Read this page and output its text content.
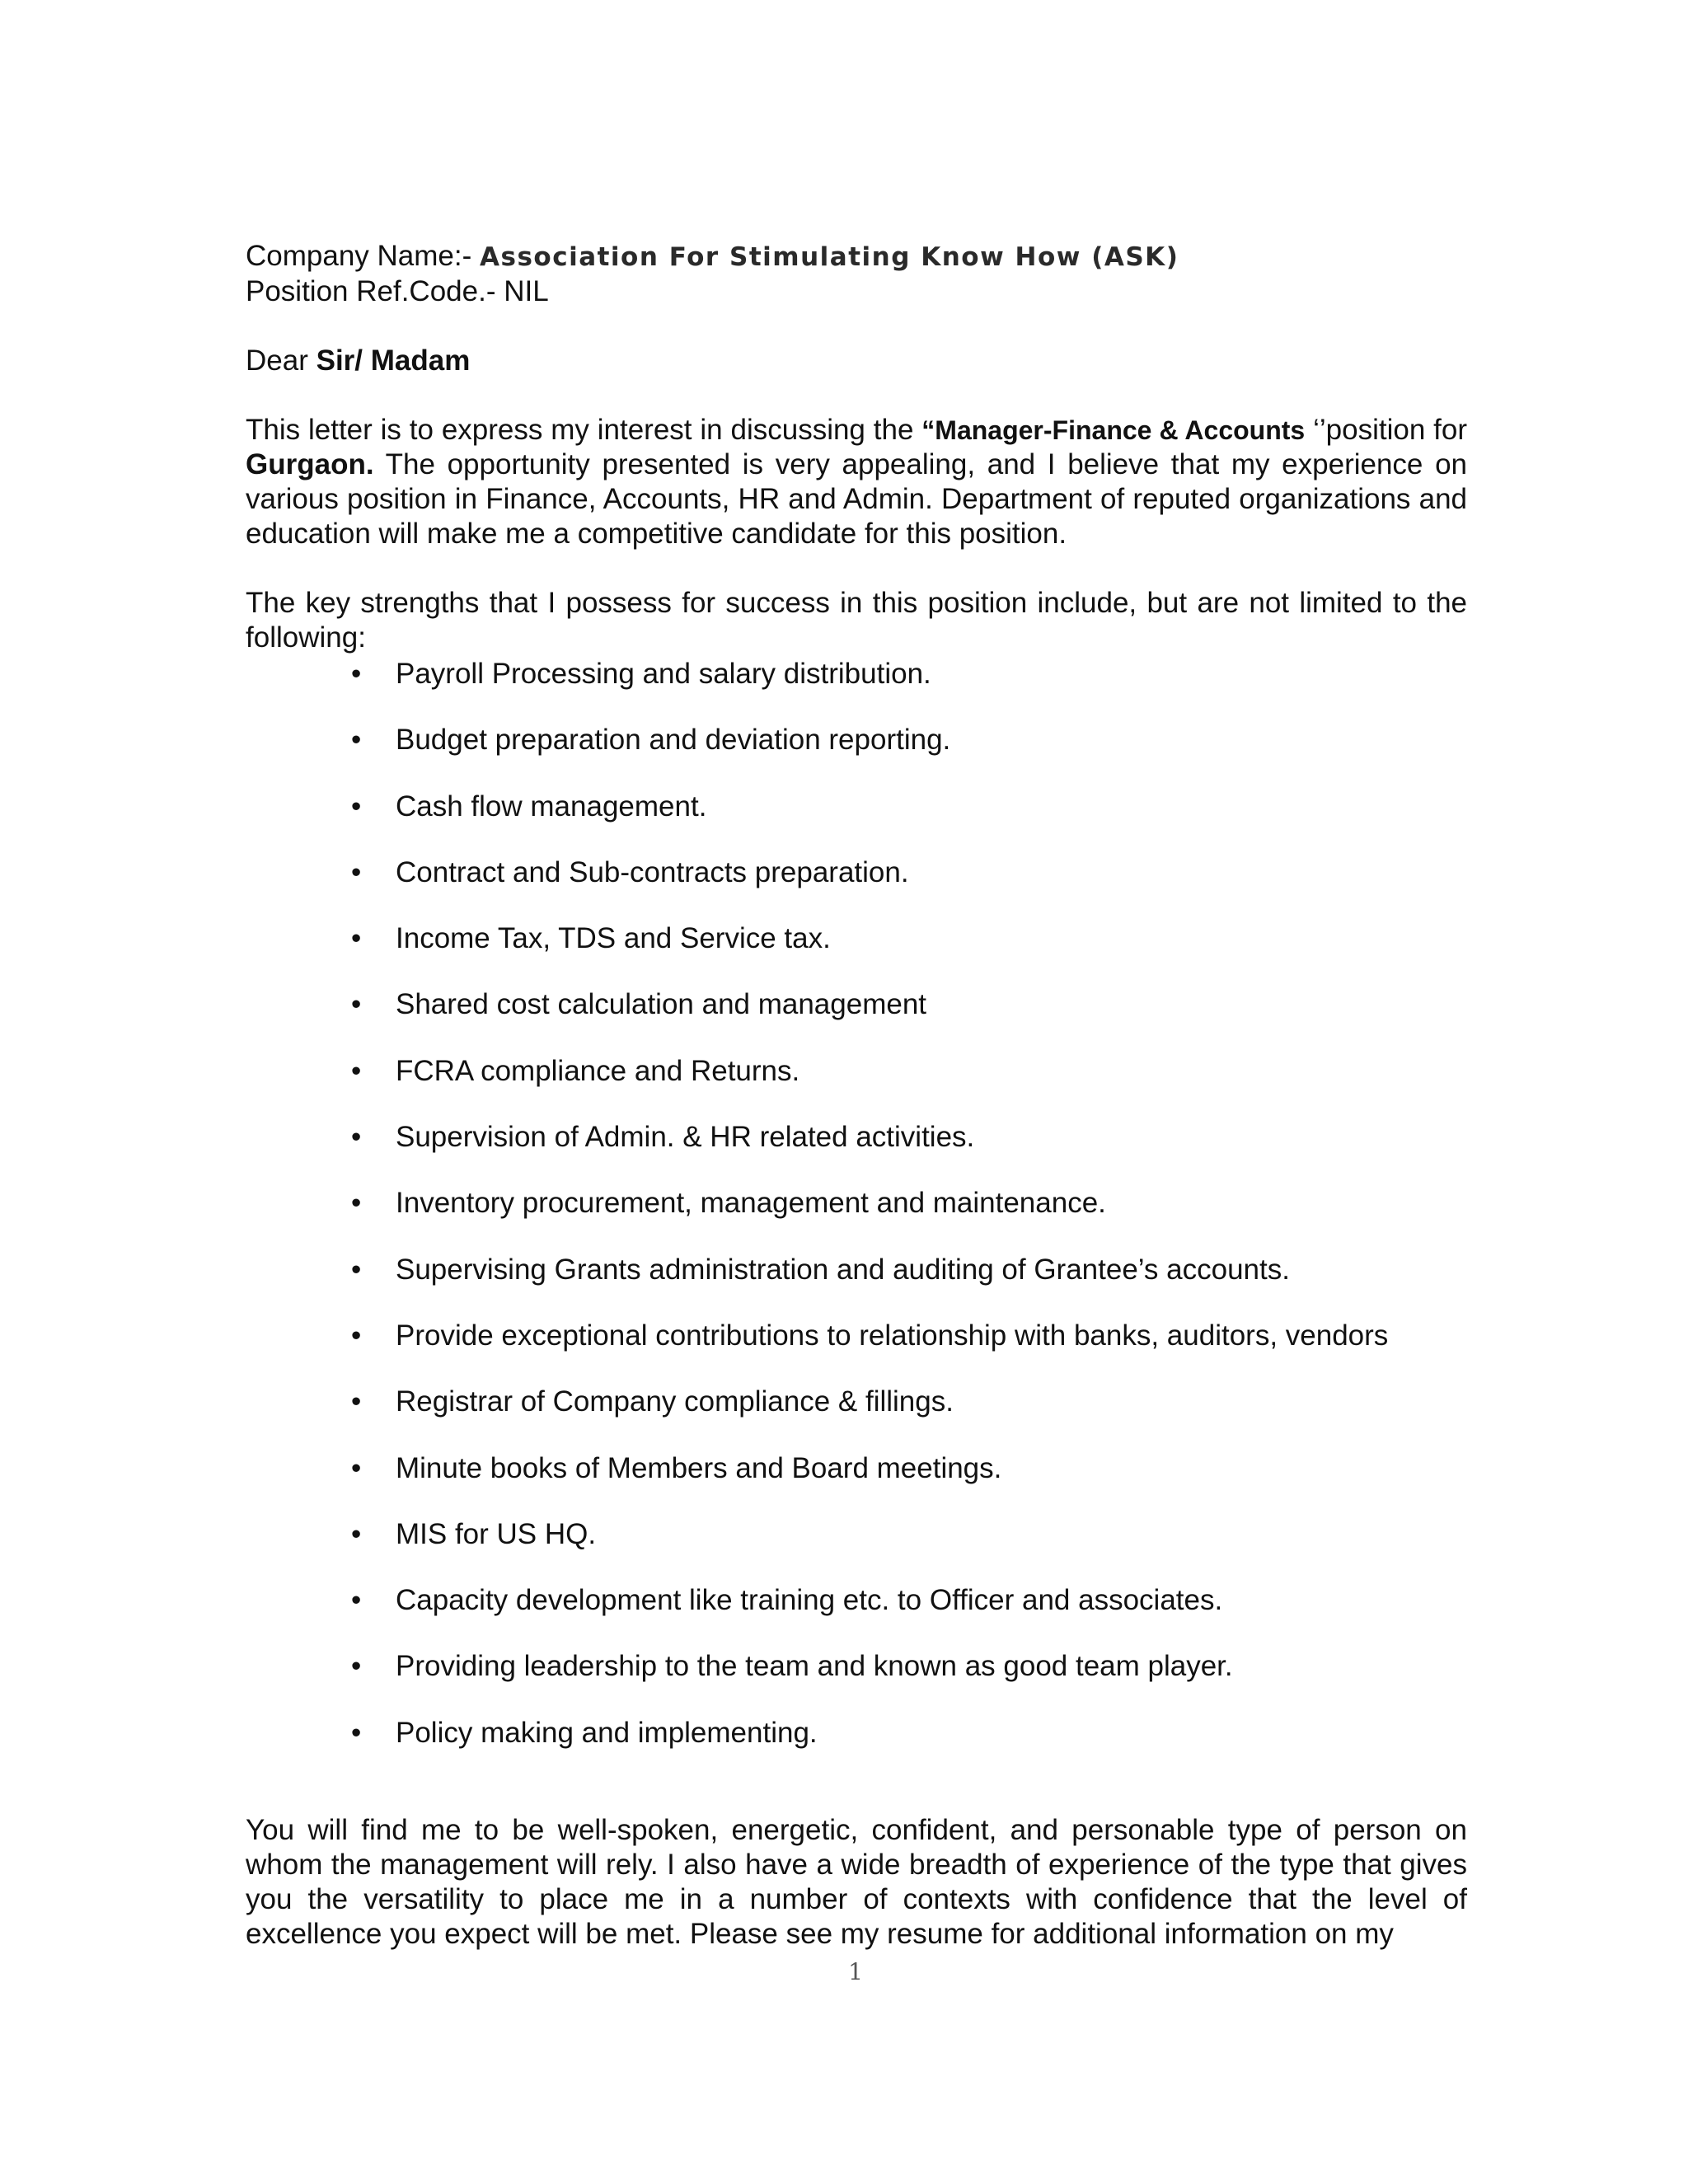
Company Name:- Association For Stimulating Know How (ASK)

Position Ref.Code.- NIL

Dear Sir/ Madam

This letter is to express my interest in discussing the “Manager-Finance & Accounts ‘’position for Gurgaon. The opportunity presented is very appealing, and I believe that my experience on various position in Finance, Accounts, HR and Admin. Department of reputed organizations and education will make me a competitive candidate for this position.

The key strengths that I possess for success in this position include, but are not limited to the following:

• Payroll Processing and salary distribution.
• Budget preparation and deviation reporting.
• Cash flow management.
• Contract and Sub-contracts preparation.
• Income Tax, TDS and Service tax.
• Shared cost calculation and management
• FCRA compliance and Returns.
• Supervision of Admin. & HR related activities.
• Inventory procurement, management and maintenance.
• Supervising Grants administration and auditing of Grantee’s accounts.
• Provide exceptional contributions to relationship with banks, auditors, vendors
• Registrar of Company compliance & fillings.
• Minute books of Members and Board meetings.
• MIS for US HQ.
• Capacity development like training etc. to Officer and associates.
• Providing leadership to the team and known as good team player.
• Policy making and implementing.

You will find me to be well-spoken, energetic, confident, and personable type of person on whom the management will rely. I also have a wide breadth of experience of the type that gives you the versatility to place me in a number of contexts with confidence that the level of excellence you expect will be met. Please see my resume for additional information on my

1
